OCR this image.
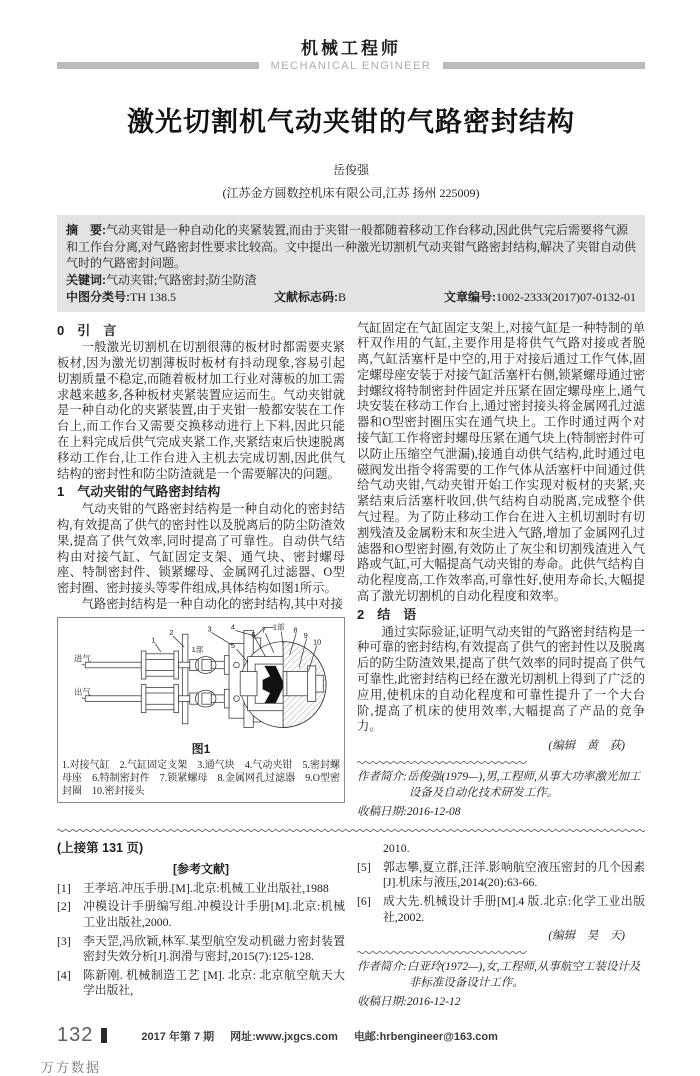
机械工程师
MECHANICAL ENGINEER
激光切割机气动夹钳的气路密封结构
岳俊强
(江苏金方圆数控机床有限公司,江苏 扬州 225009)
摘　要:气动夹钳是一种自动化的夹紧装置,而由于夹钳一般都随着移动工作台移动,因此供气完后需要将气源和工作台分离,对气路密封性要求比较高。文中提出一种激光切割机气动夹钳气路密封结构,解决了夹钳自动供气时的气路密封问题。
关键词:气动夹钳;气路密封;防尘防渣
中图分类号:TH 138.5	文献标志码:B	文章编号:1002-2333(2017)07-0132-01
0　引　言
一般激光切割机在切割很薄的板材时都需要夹紧板材,因为激光切割薄板时板材有抖动现象,容易引起切割质量不稳定,而随着板材加工行业对薄板的加工需求越来越多,各种板材夹紧装置应运而生。气动夹钳就是一种自动化的夹紧装置,由于夹钳一般都安装在工作台上,而工作台又需要交换移动进行上下料,因此只能在上料完成后供气完成夹紧工作,夹紧结束后快速脱离移动工作台,让工作台进入主机去完成切割,因此供气结构的密封性和防尘防渣就是一个需要解决的问题。
1　气动夹钳的气路密封结构
气动夹钳的气路密封结构是一种自动化的密封结构,有效提高了供气的密封性以及脱离后的防尘防渣效果,提高了供气效率,同时提高了可靠性。自动供气结构由对接气缸、气缸固定支架、通气块、密封螺母座、特制密封件、锁紧螺母、金属网孔过滤器、O型密封圈、密封接头等零件组成,具体结构如图1所示。
气路密封结构是一种自动化的密封结构,其中对接
进气
出气
1
2	3 4
1部	5
6
7 1部 8
9
10
图1
1.对接气缸　2.气缸固定支架　3.通气块　4.气动夹钳　5.密封螺母座　6.特制密封件　7.锁紧螺母　8.金属网孔过滤器　9.O型密封圈　10.密封接头
气缸固定在气缸固定支架上,对接气缸是一种特制的单杆双作用的气缸,主要作用是将供气气路对接或者脱离,气缸活塞杆是中空的,用于对接后通过工作气体,固定螺母座安装于对接气缸活塞杆右侧,锁紧螺母通过密封螺纹将特制密封件固定并压紧在固定螺母座上,通气块安装在移动工作台上,通过密封接头将金属网孔过滤器和O型密封圈压实在通气块上。工作时通过两个对接气缸工作将密封螺母压紧在通气块上(特制密封件可以防止压缩空气泄漏),接通自动供气结构,此时通过电磁阀发出指令将需要的工作气体从活塞杆中间通过供给气动夹钳,气动夹钳开始工作实现对板材的夹紧,夹紧结束后活塞杆收回,供气结构自动脱离,完成整个供气过程。为了防止移动工作台在进入主机切割时有切割残渣及金属粉末和灰尘进入气路,增加了金属网孔过滤器和O型密封圈,有效防止了灰尘和切割残渣进入气路或气缸,可大幅提高气动夹钳的寿命。此供气结构自动化程度高,工作效率高,可靠性好,使用寿命长,大幅提高了激光切割机的自动化程度和效率。
2　结　语
通过实际验证,证明气动夹钳的气路密封结构是一种可靠的密封结构,有效提高了供气的密封性以及脱离后的防尘防渣效果,提高了供气效率的同时提高了供气可靠性,此密封结构已经在激光切割机上得到了广泛的应用,使机床的自动化程度和可靠性提升了一个大台阶,提高了机床的使用效率,大幅提高了产品的竞争力。
(编辑　黄　荻)
作者简介:岳俊强(1979—),男,工程师,从事大功率激光加工设备及自动化技术研发工作。
收稿日期:2016-12-08
(上接第 131 页)
[参考文献]
[1]	王孝培.冲压手册.[M].北京:机械工业出版社,1988
[2]	冲模设计手册编写组.冲模设计手册[M].北京:机械工业出版社,2000.
[3]	李天罡,冯欣颖,林军.某型航空发动机磁力密封装置密封失效分析[J].润滑与密封,2015(7):125-128.
[4]	陈新刚. 机械制造工艺 [M]. 北京: 北京航空航天大学出版社,
2010.
[5]	郭志攀,夏立群,汪洋.影响航空液压密封的几个因素[J].机床与液压,2014(20):63-66.
[6]	成大先.机械设计手册[M].4 版.北京:化学工业出版社,2002.
(编辑　昊　天)
作者简介:白亚玲(1972—),女,工程师,从事航空工装设计及非标准设备设计工作。
收稿日期:2016-12-12
132	2017 年第 7 期 网址:www.jxgcs.com 电邮:hrbengineer@163.com
万方数据
